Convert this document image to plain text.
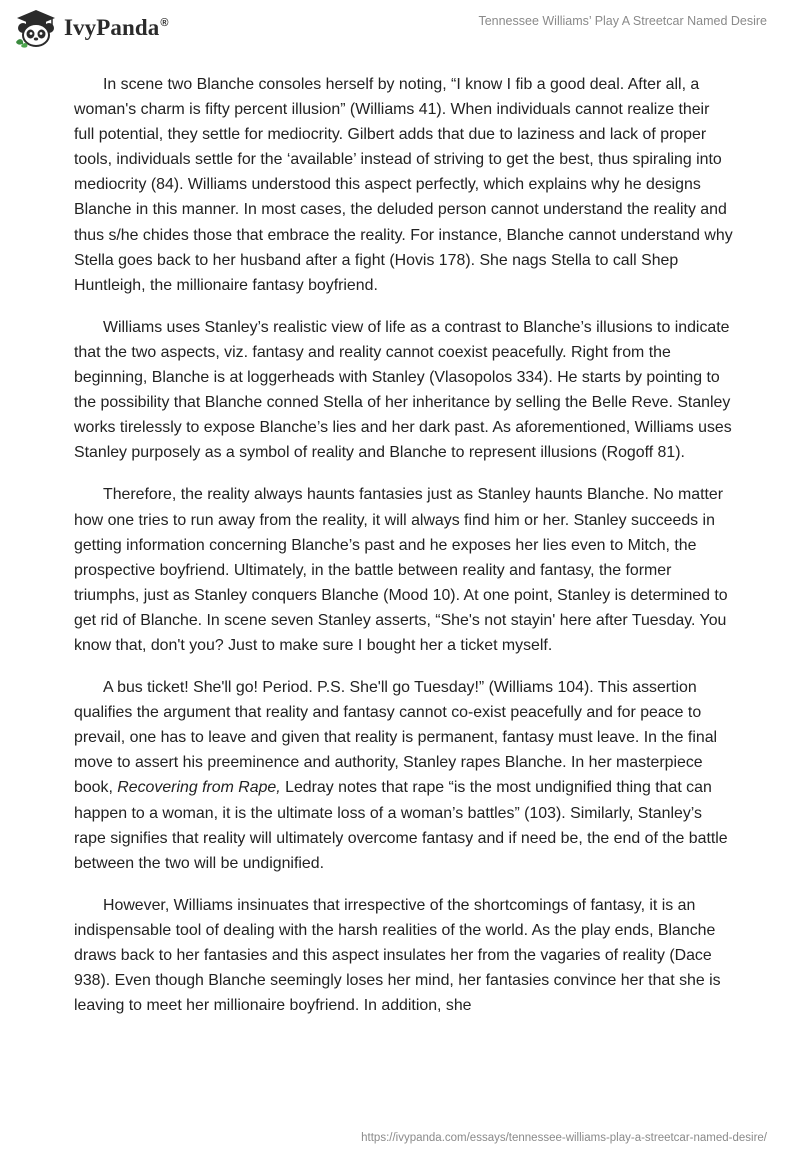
IvyPanda®	Tennessee Williams’ Play A Streetcar Named Desire

In scene two Blanche consoles herself by noting, “I know I fib a good deal. After all, a woman's charm is fifty percent illusion” (Williams 41). When individuals cannot realize their full potential, they settle for mediocrity. Gilbert adds that due to laziness and lack of proper tools, individuals settle for the ‘available’ instead of striving to get the best, thus spiraling into mediocrity (84). Williams understood this aspect perfectly, which explains why he designs Blanche in this manner. In most cases, the deluded person cannot understand the reality and thus s/he chides those that embrace the reality. For instance, Blanche cannot understand why Stella goes back to her husband after a fight (Hovis 178). She nags Stella to call Shep Huntleigh, the millionaire fantasy boyfriend.

Williams uses Stanley’s realistic view of life as a contrast to Blanche’s illusions to indicate that the two aspects, viz. fantasy and reality cannot coexist peacefully. Right from the beginning, Blanche is at loggerheads with Stanley (Vlasopolos 334). He starts by pointing to the possibility that Blanche conned Stella of her inheritance by selling the Belle Reve. Stanley works tirelessly to expose Blanche’s lies and her dark past. As aforementioned, Williams uses Stanley purposely as a symbol of reality and Blanche to represent illusions (Rogoff 81).

Therefore, the reality always haunts fantasies just as Stanley haunts Blanche. No matter how one tries to run away from the reality, it will always find him or her. Stanley succeeds in getting information concerning Blanche’s past and he exposes her lies even to Mitch, the prospective boyfriend. Ultimately, in the battle between reality and fantasy, the former triumphs, just as Stanley conquers Blanche (Mood 10). At one point, Stanley is determined to get rid of Blanche. In scene seven Stanley asserts, “She's not stayin' here after Tuesday. You know that, don't you? Just to make sure I bought her a ticket myself.

A bus ticket! She'll go! Period. P.S. She'll go Tuesday!” (Williams 104). This assertion qualifies the argument that reality and fantasy cannot co-exist peacefully and for peace to prevail, one has to leave and given that reality is permanent, fantasy must leave. In the final move to assert his preeminence and authority, Stanley rapes Blanche. In her masterpiece book, Recovering from Rape, Ledray notes that rape “is the most undignified thing that can happen to a woman, it is the ultimate loss of a woman’s battles” (103). Similarly, Stanley’s rape signifies that reality will ultimately overcome fantasy and if need be, the end of the battle between the two will be undignified.

However, Williams insinuates that irrespective of the shortcomings of fantasy, it is an indispensable tool of dealing with the harsh realities of the world. As the play ends, Blanche draws back to her fantasies and this aspect insulates her from the vagaries of reality (Dace 938). Even though Blanche seemingly loses her mind, her fantasies convince her that she is leaving to meet her millionaire boyfriend. In addition, she

https://ivypanda.com/essays/tennessee-williams-play-a-streetcar-named-desire/
